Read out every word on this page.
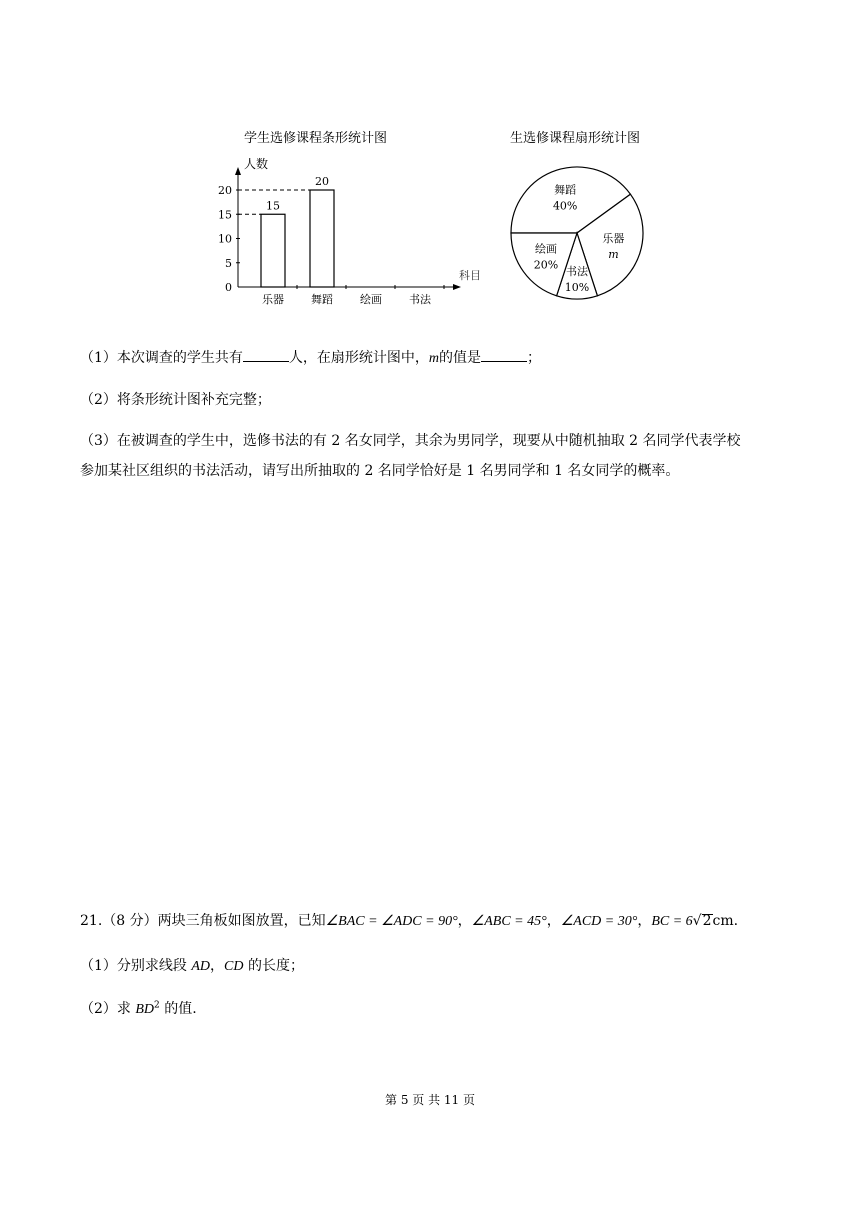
学生选修课程条形统计图
人数
科目
0
5
10
15
20
乐器
15
舞蹈
20
绘画 书法
生选修课程扇形统计图
舞蹈
40%
乐器
m
书法
10%
绘画
20%
（1）本次调查的学生共有	人，在扇形统计图中，m的值是	；
（2）将条形统计图补充完整；
（3）在被调查的学生中，选修书法的有 2 名女同学，其余为男同学，现要从中随机抽取 2 名同学代表学校
参加某社区组织的书法活动，请写出所抽取的 2 名同学恰好是 1 名男同学和 1 名女同学的概率。
21.（8 分）两块三角板如图放置，已知∠BAC = ∠ADC = 90°，∠ABC = 45°，∠ACD = 30°，BC = 6√2cm.
（1）分别求线段 AD，CD 的长度；
（2）求 $BD^2$ 的值.
第 5 页 共 11 页
